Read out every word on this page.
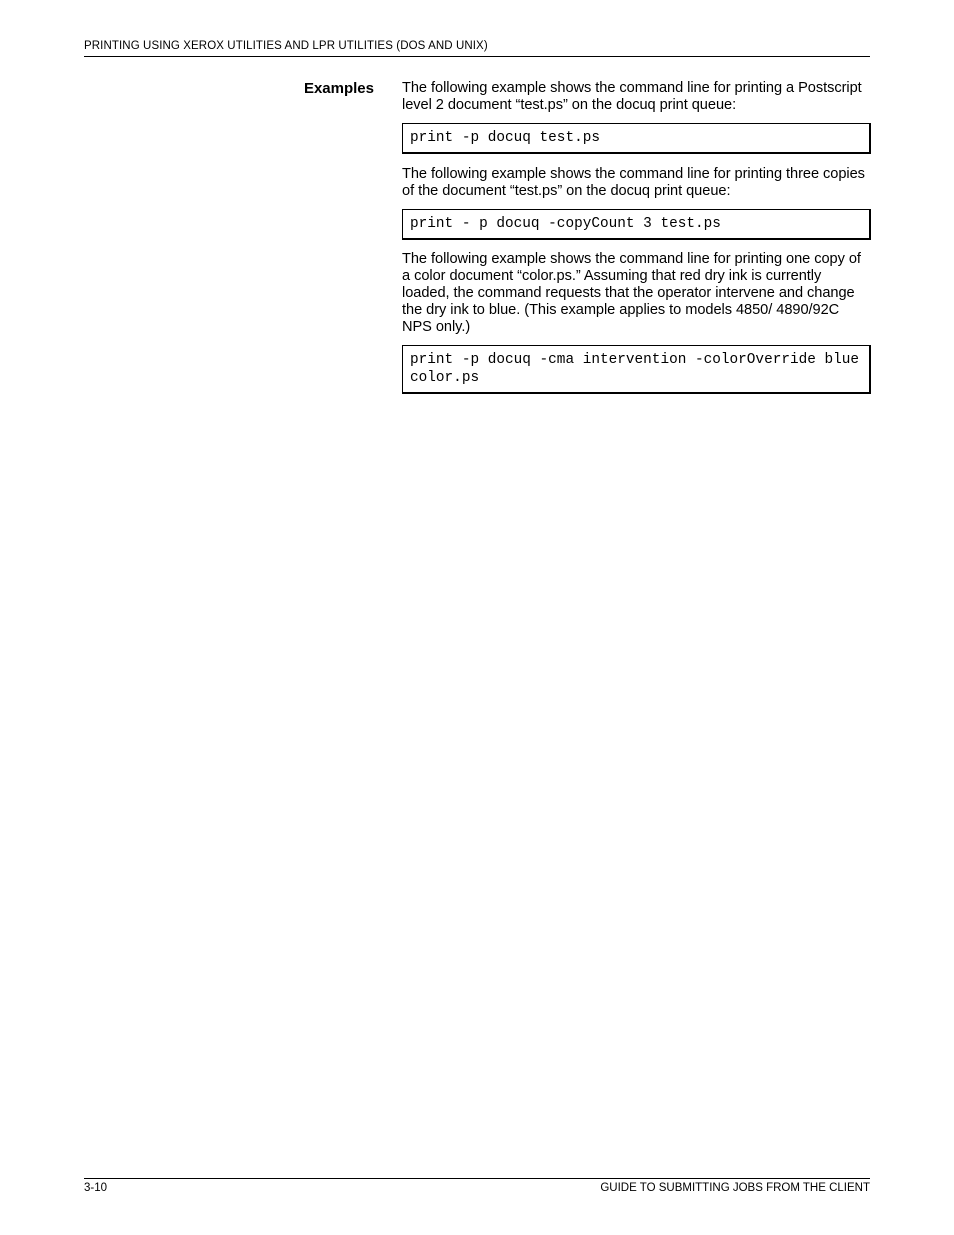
PRINTING USING XEROX UTILITIES AND LPR UTILITIES (DOS AND UNIX)
Examples The following example shows the command line for printing a Postscript level 2 document “test.ps” on the docuq print queue:

print -p docuq test.ps

The following example shows the command line for printing three copies of the document “test.ps” on the docuq print queue:

print - p docuq -copyCount 3 test.ps

The following example shows the command line for printing one copy of a color document “color.ps.” Assuming that red dry ink is currently loaded, the command requests that the operator intervene and change the dry ink to blue. (This example applies to models 4850/ 4890/92C NPS only.)

print -p docuq -cma intervention -colorOverride blue color.ps
3-10	GUIDE TO SUBMITTING JOBS FROM THE CLIENT
